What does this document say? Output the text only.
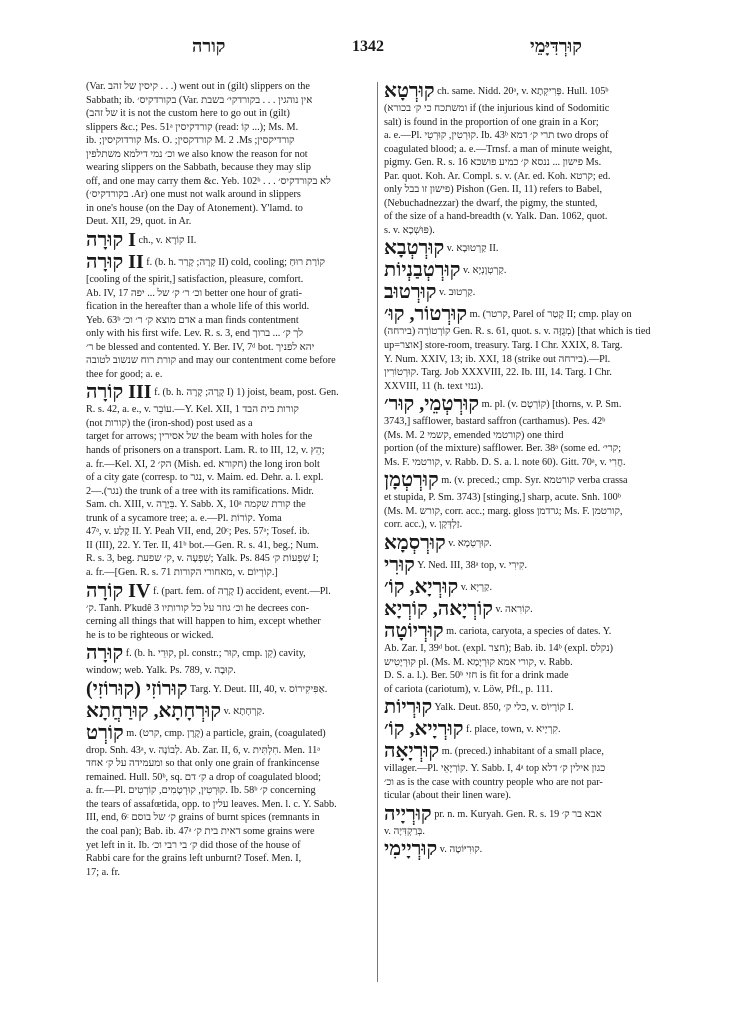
קורה	1342	קוּרְדִּיָּמֵי

(Var. קיסין של זהב . . .) went out in (gilt) slippers on the

Sabbath; ib. בקורדקיס׳ (Var. אין נוהגין . . . בקורדקי׳ בשבת

(של זהב it is not the custom here to go out in (gilt)

slippers &c.; Pes. 51ᵃ קורדקיסין (read: קוֹ ...); Ms. M.

ib. ;קורדוקיסין Ms. O. ;קורדקסין M. 2 .Ms ;קורדיקסין

וכ׳ נמי דילמא משתלפין we also know the reason for not

wearing slippers on the Sabbath, because they may slip

off, and one may carry them &c. Yeb. 102ᵇ . . . לא בקורדקיס׳

(בקורדקיס׳ .Ar) one must not walk around in slippers

in one's house (on the Day of Atonement). Y'lamd. to

Deut. XII, 29, quot. in Ar.

קוּרָה I ch., v. קוֹרָא II.

קוּרָה II f. (b. h. קָרָה; קָרַר II) cold, cooling; קוֹרַת רוּחַ

[cooling of the spirit,] satisfaction, pleasure, comfort.

Ab. IV, 17 וכ׳ ר׳ ק׳ של ... יפה better one hour of grati-

fication in the hereafter than a whole life of this world.

Yeb. 63ᵇ אדם מוצא ק׳ ר׳ וכ׳ a man finds contentment

only with his first wife. Lev. R. s. 3, end לך ק׳ ... ברוך

ר׳ be blessed and contented. Y. Ber. IV, 7ᵈ bot. יהא לפניך

קורת רוח שנשוב לטובה and may our contentment come before

thee for good; a. e.

קוֹרָה III f. (b. h. קָרָה; קָרָה I) 1) joist, beam, post. Gen.

R. s. 42, a. e., v. עוֹבֵר.—Y. Kel. XII, 1 קורות בית הבד

(not קורות) the (iron-shod) post used as a

target for arrows; של אסירין the beam with holes for the

hands of prisoners on a transport. Lam. R. to III, 12, v. הֵץ;

a. fr.—Kel. XI, 2 הק׳ (Mish. ed. חקורא) the long iron bolt

of a city gate (corresp. to נגר, v. Maim. ed. Dehr. a. l. expl.

נגר).—2) the trunk of a tree with its ramifications. Midr.

Sam. ch. XIII, v. בֵּיָרָה. Y. Sabb. X, 10ᵃ קורת שקמה the

trunk of a sycamore tree; a. e.—Pl. קוֹרוֹת. Yoma

47ᵃ, v. קֶלַע II. Y. Peah VII, end, 20ᶜ; Pes. 57ᵃ; Tosef. ib.

II (III), 22. Y. Ter. II, 41ᵇ bot.—Gen. R. s. 41, beg.; Num.

R. s. 3, beg. ק׳ שפעת, v. שִׁפְעָה; Yalk. Ps. 845 שִׁפְעוֹת ק׳ I;

a. fr.—[Gen. R. s. 71 מאחורי הקורות, v. קוֹרְיוֹם.]

קוֹרָה IV f. (part. fem. of קָרָה I) accident, event.—Pl.

ק׳. Tanh. P'kudê 3 וכ׳ גוזר על כל קורותיו he decrees con-

cerning all things that will happen to him, except whether

he is to be righteous or wicked.

קוּרָה f. (b. h. קוּרֵי, pl. constr.; קוּר, cmp. קֵן) cavity,

window; web. Yalk. Ps. 789, v. קוּבָה.

קוּרוֹזִי (קוּרוֹזִי) Targ. Y. Deut. III, 40, v. אַפִּיקִירוֹס.

קוּרְחָתָא, קוּרַחֲתָא v. קַרְחָתָא.

קוֹרְט m. (קרט, cmp. קֶרֶן) a particle, grain, (coagulated)

drop. Snh. 43ᵃ, v. לְבוֹנָה. Ab. Zar. II, 6, v. חִלְתִּית. Men. 11ᵃ

ומעמידה על ק׳ אחד so that only one grain of frankincense

remained. Hull. 50ᵇ, sq. ק׳ דם a drop of coagulated blood;

a. fr.—Pl. קוּרְטִין, קוּרְטָמִים, קוֹרְטִים. Ib. 58ᵇ ק׳ concerning

the tears of assafœtida, opp. to עלין leaves. Men. l. c. Y. Sabb.

III, end, 6ᶜ ק׳ של בוסם grains of burnt spices (remnants in

the coal pan); Bab. ib. 47ᵃ דאית בית ק׳ some grains were

yet left in it. Ib. ק׳ בי רבי וכ׳ did those of the house of

Rabbi care for the grains left unburnt? Tosef. Men. I,

17; a. fr.

קוּרְטָא ch. same. Nidd. 20ᵃ, v. פְּרִיקְתָא. Hull. 105ᵇ

(ומשתכח כי ק׳ בכורא if (the injurious kind of Sodomitic

salt) is found in the proportion of one grain in a Kor;

a. e.—Pl. קוּרְטִין, קוּרְטֵי. Ib. 43ᵇ תרי ק׳ דמא two drops of

coagulated blood; a. e.—Trnsf. a man of minute weight,

pigmy. Gen. R. s. 16 פישון ... ננסא ק׳ כמיע פושכא Ms.

Par. quot. Koh. Ar. Compl. s. v. (Ar. ed. Koh. קרטא; ed.

only פישון זו בבל) Pishon (Gen. II, 11) refers to Babel,

(Nebuchadnezzar) the dwarf, the pigmy, the stunted,

of the size of a hand-breadth (v. Yalk. Dan. 1062, quot.

s. v. פּוּשְׁכָא).

קוּרְטְבָא v. קַרְטוּבָא II.

קוּרְטְבַנְיוֹת v. קַרְטְוָנְיָא.

קוּרְטוּב v. קַרְטוּב.

קוּרְטוֹר, קוּ׳ m. (קרטר, Parel of קָטַר II; cmp. play on

קוֹרְטוֹרָה (בירחה) Gen. R. s. 61, quot. s. v. מְגֻזָּה) [that which is tied

up=אוצר] store-room, treasury. Targ. I Chr. XXIX, 8. Targ.

Y. Num. XXIV, 13; ib. XXI, 18 (strike out בירחה).—Pl.

קוּרְטוֹרִין. Targ. Job XXXVIII, 22. Ib. III, 14. Targ. I Chr.

XXVIII, 11 (h. text גנזי).

קוּרְטְמֵי, קוּר׳ m. pl. (v. קוֹרְטָם) [thorns, v. P. Sm.

3743,] safflower, bastard saffron (carthamus). Pes. 42ᵇ

(Ms. M. 2 קשמי, emended קורטמי) one third

portion (of the mixture) safflower. Ber. 38ᵃ (some ed. קרי׳;

Ms. F. קורטמי, v. Rabb. D. S. a. l. note 60). Gitt. 70ᵃ, v. חֲרִי.

קוּרְטְמָן m. (v. preced.; cmp. Syr. קורטמא verba crassa

et stupida, P. Sm. 3743) [stinging,] sharp, acute. Snh. 100ᵇ

(Ms. M. קורש, corr. acc.; marg. gloss גרדמן; Ms. F. קורטמן,

corr. acc.), v. זַלְדְּקָן.

קוּרְסְמָא v. קוּרְטְמָא.

קוּרִי Y. Ned. III, 38ᵃ top, v. קִירִי.

קוּרְיָא, קוֹ׳ v. קַרְיָא.

קוֹרְיָאה, קוֹרְיָא v. קוֹרִאה.

קוּרְיוֹטָה m. cariota, caryota, a species of dates. Y.

Ab. Zar. I, 39ᵈ bot. (expl. חצר); Bab. ib. 14ᵇ (expl. נקלס)

קוּרְיָטִיש pl. (Ms. M. קורי אמא קוּרְיָמָא, v. Rabb.

D. S. a. l.). Ber. 50ᵇ חזי is fit for a drink made

of cariota (cariotum), v. Löw, Pfl., p. 111.

קוּרְיוֹת Yalk. Deut. 850, כלי ק׳, v. קוֹרָיוֹס I.

קוּרְיָיא, קוֹ׳ f. place, town, v. קִרְיָיא.

קוּרְיָאָה m. (preced.) inhabitant of a small place,

villager.—Pl. קוֹרְיָאֵי. Y. Sabb. I, 4ᵃ top כגון אילין ק׳ דלא

וכ׳ as is the case with country people who are not par-

ticular (about their linen ware).

קוּרְיָיה pr. n. m. Kuryah. Gen. R. s. 19 אבא בר ק׳

v. בְּרַקְדִּיָה.

קוּרְיָימִי v. קוּרִיּוֹטָה.
